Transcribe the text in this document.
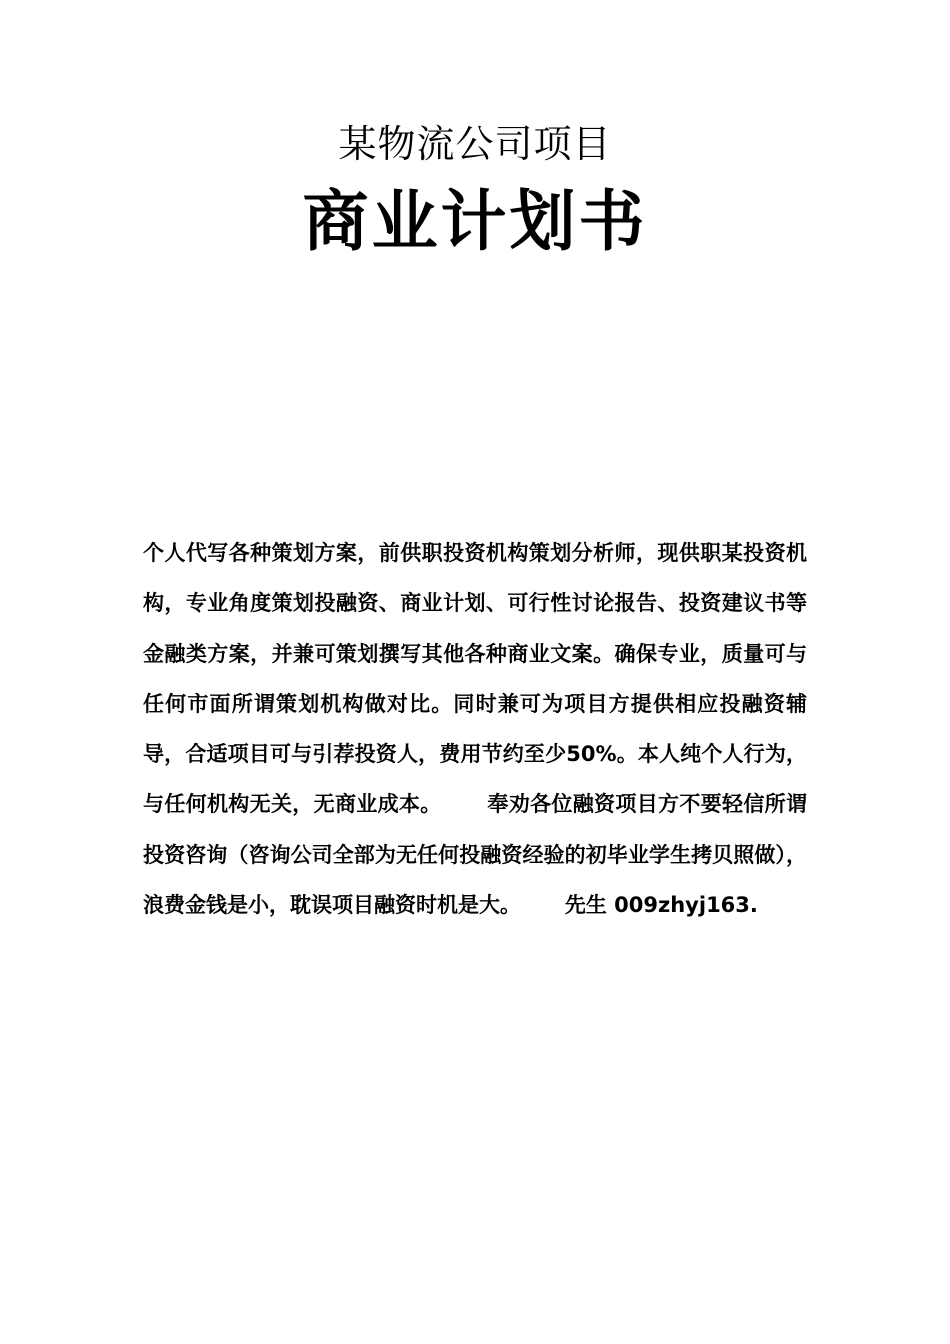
某物流公司项目
商业计划书
个人代写各种策划方案，前供职投资机构策划分析师，现供职某投资机构，专业角度策划投融资、商业计划、可行性讨论报告、投资建议书等金融类方案，并兼可策划撰写其他各种商业文案。确保专业，质量可与任何市面所谓策划机构做对比。同时兼可为项目方提供相应投融资辅导，合适项目可与引荐投资人，费用节约至少50%。本人纯个人行为，与任何机构无关，无商业成本。      奉劝各位融资项目方不要轻信所谓投资咨询（咨询公司全部为无任何投融资经验的初毕业学生拷贝照做），浪费金钱是小，耽误项目融资时机是大。      先生 009zhyj163.
